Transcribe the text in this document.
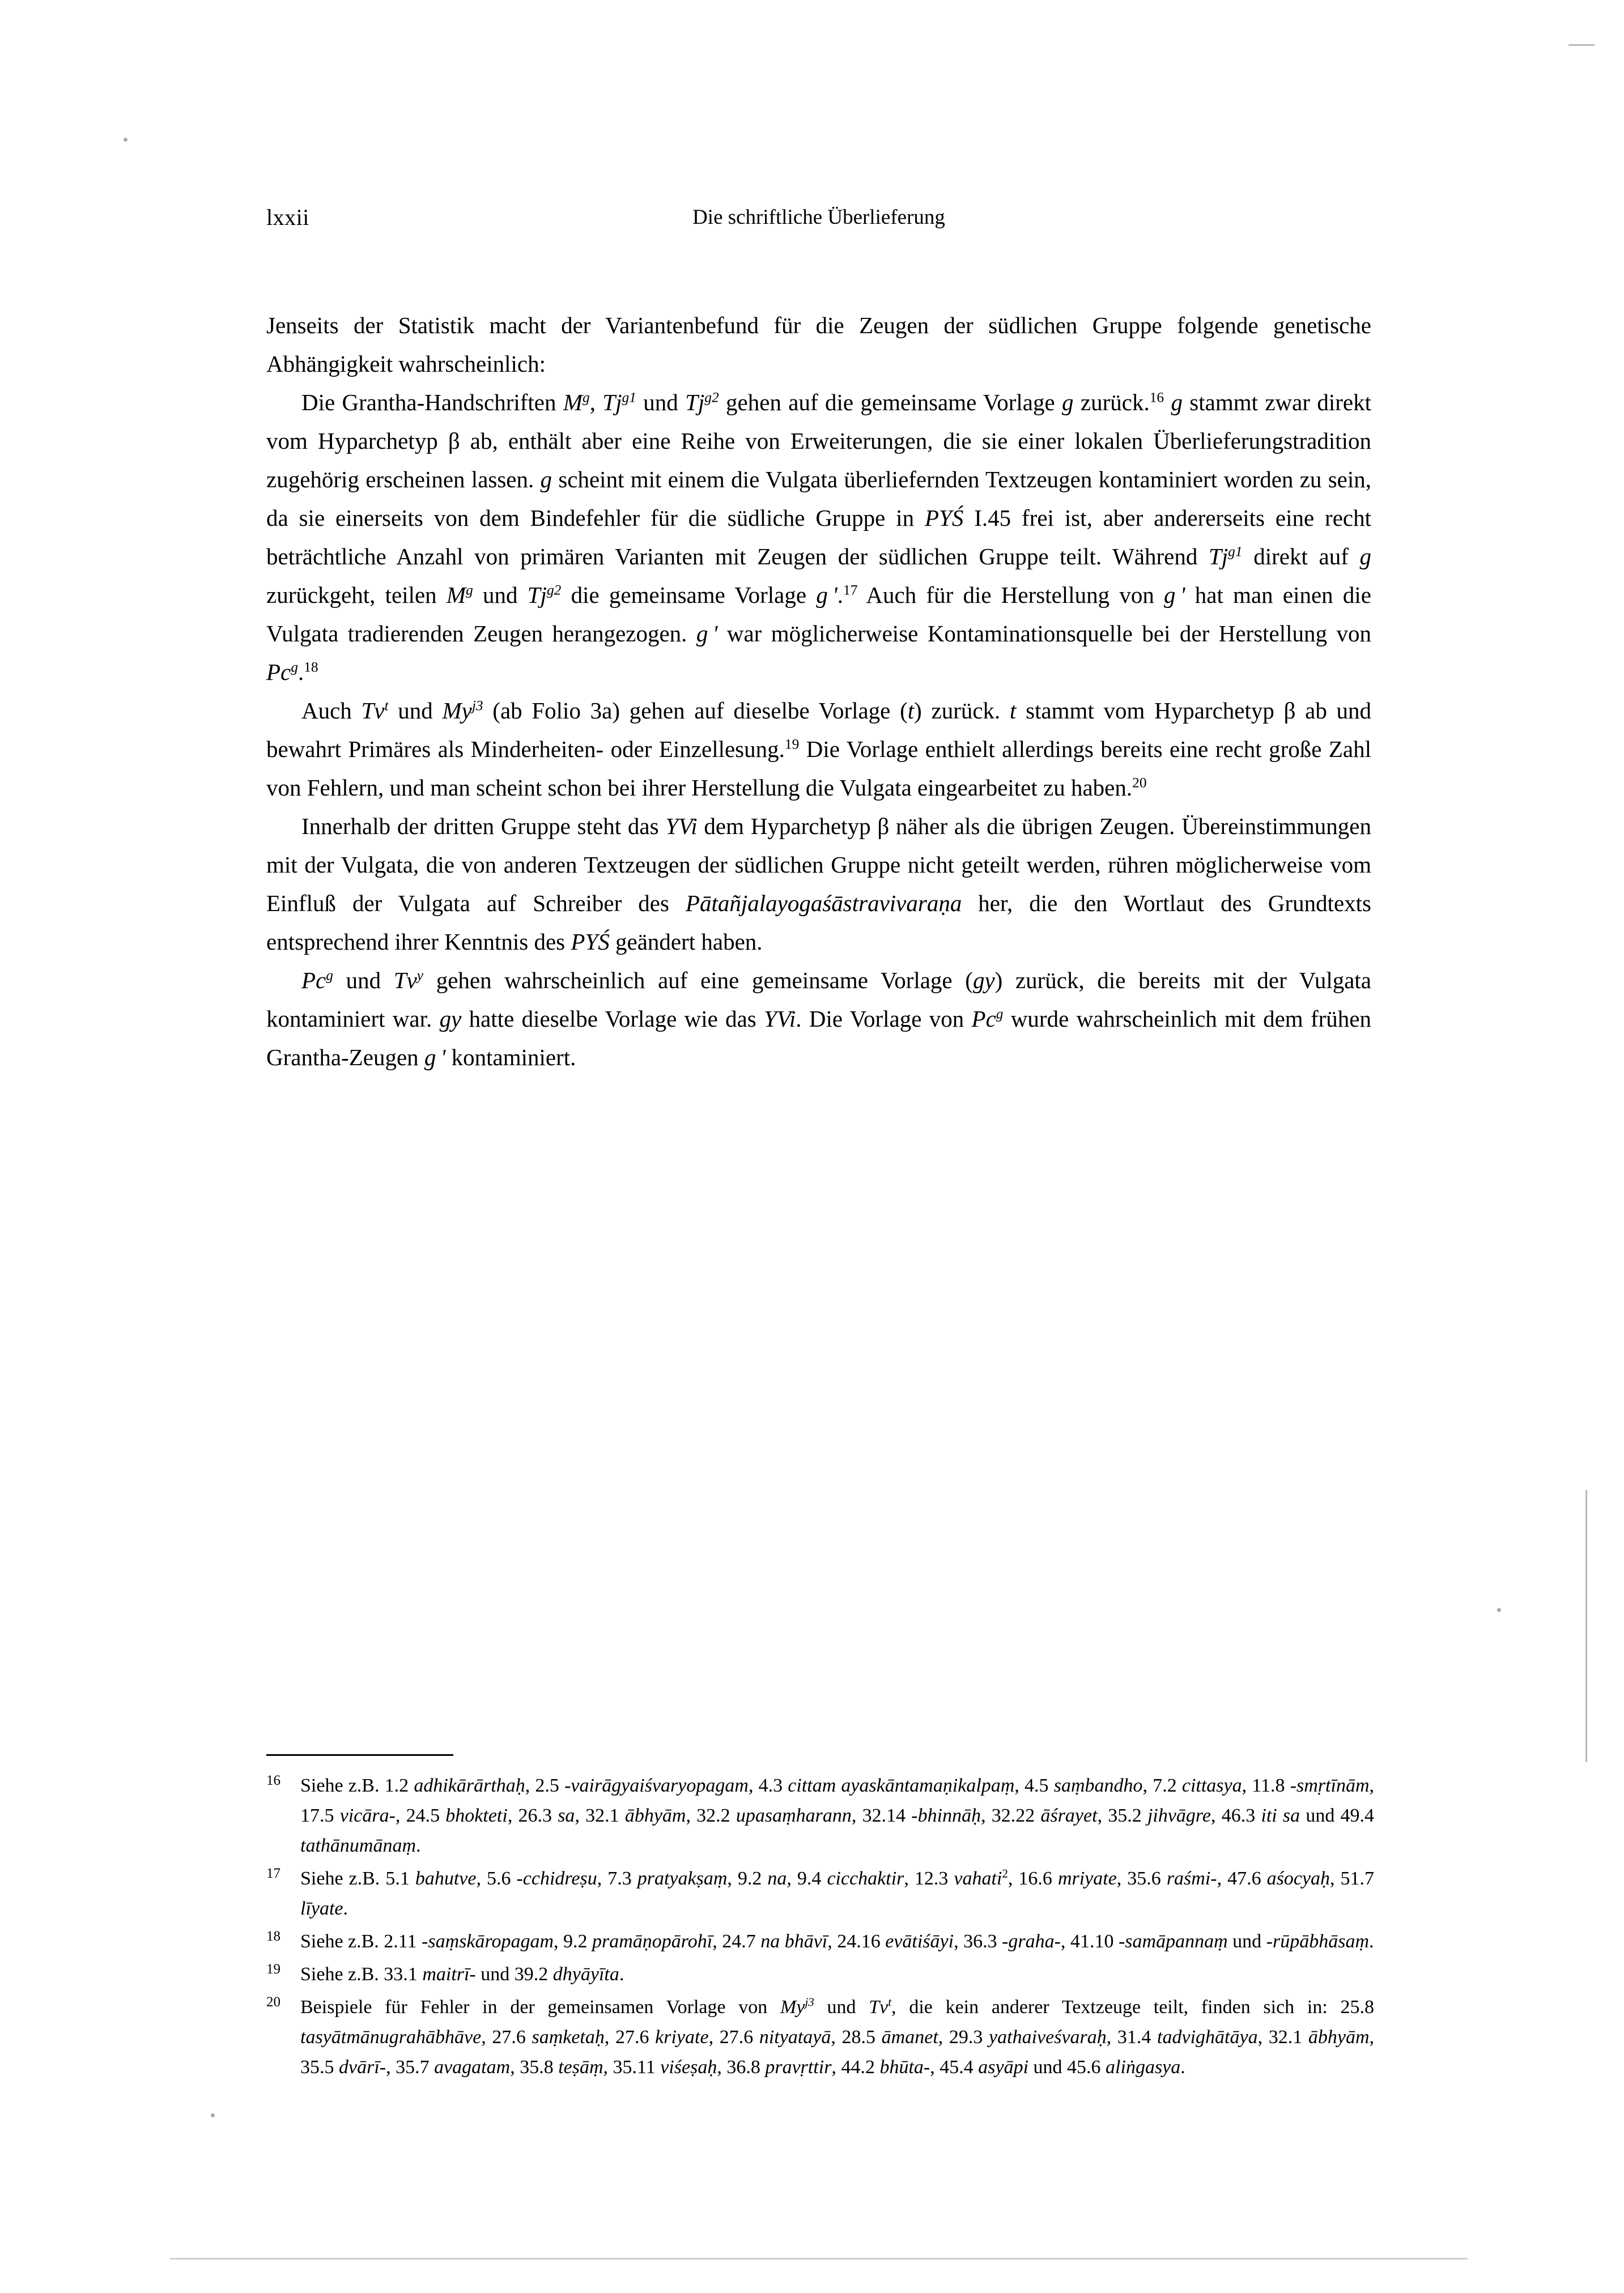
lxxii	Die schriftliche Überlieferung

Jenseits der Statistik macht der Variantenbefund für die Zeugen der südlichen Gruppe folgende genetische Abhängigkeit wahrscheinlich:

Die Grantha-Handschriften $M^g$, $Tj^{g1}$ und $Tj^{g2}$ gehen auf die gemeinsame Vorlage g zurück.$^{16}$ g stammt zwar direkt vom Hyparchetyp β ab, enthält aber eine Reihe von Erweiterungen, die sie einer lokalen Überlieferungstradition zugehörig erscheinen lassen. g scheint mit einem die Vulgata überliefernden Textzeugen kontaminiert worden zu sein, da sie einerseits von dem Bindefehler für die südliche Gruppe in PYŚ I.45 frei ist, aber andererseits eine recht beträchtliche Anzahl von primären Varianten mit Zeugen der südlichen Gruppe teilt. Während $Tj^{g1}$ direkt auf g zurückgeht, teilen $M^g$ und $Tj^{g2}$ die gemeinsame Vorlage g '.$^{17}$ Auch für die Herstellung von g ' hat man einen die Vulgata tradierenden Zeugen herangezogen. g ' war möglicherweise Kontaminationsquelle bei der Herstellung von Pc$^g$.$^{18}$

Auch Tv$^t$ und $My^{j3}$ (ab Folio 3a) gehen auf dieselbe Vorlage (t) zurück. t stammt vom Hyparchetyp β ab und bewahrt Primäres als Minderheiten- oder Einzellesung.$^{19}$ Die Vorlage enthielt allerdings bereits eine recht große Zahl von Fehlern, und man scheint schon bei ihrer Herstellung die Vulgata eingearbeitet zu haben.$^{20}$

Innerhalb der dritten Gruppe steht das YVi dem Hyparchetyp β näher als die übrigen Zeugen. Übereinstimmungen mit der Vulgata, die von anderen Textzeugen der südlichen Gruppe nicht geteilt werden, rühren möglicherweise vom Einfluß der Vulgata auf Schreiber des Pātañjalayogaśāstravivaraṇa her, die den Wortlaut des Grundtexts entsprechend ihrer Kenntnis des PYŚ geändert haben.

Pc$^g$ und Tv$^y$ gehen wahrscheinlich auf eine gemeinsame Vorlage (gy) zurück, die bereits mit der Vulgata kontaminiert war. gy hatte dieselbe Vorlage wie das YVi. Die Vorlage von Pc$^g$ wurde wahrscheinlich mit dem frühen Grantha-Zeugen g ' kontaminiert.

16 Siehe z.B. 1.2 adhikārārthaḥ, 2.5 -vairāgyaiśvaryopagam, 4.3 cittam ayaskāntamaṇikalpaṃ, 4.5 saṃbandho, 7.2 cittasya, 11.8 -smṛtīnām, 17.5 vicāra-, 24.5 bhokteti, 26.3 sa, 32.1 ābhyām, 32.2 upasaṃharann, 32.14 -bhinnāḥ, 32.22 āśrayet, 35.2 jihvāgre, 46.3 iti sa und 49.4 tathānumānaṃ.
17 Siehe z.B. 5.1 bahutve, 5.6 -cchidreṣu, 7.3 pratyakṣaṃ, 9.2 na, 9.4 cicchaktir, 12.3 vahati$^2$, 16.6 mriyate, 35.6 raśmi-, 47.6 aśocyaḥ, 51.7 līyate.
18 Siehe z.B. 2.11 -saṃskāropagam, 9.2 pramāṇopārohī, 24.7 na bhāvī, 24.16 evātiśāyi, 36.3 -graha-, 41.10 -samāpannaṃ und -rūpābhāsaṃ.
19 Siehe z.B. 33.1 maitrī- und 39.2 dhyāyīta.
20 Beispiele für Fehler in der gemeinsamen Vorlage von $My^{j3}$ und Tv$^t$, die kein anderer Textzeuge teilt, finden sich in: 25.8 tasyātmānugrahābhāve, 27.6 saṃketaḥ, 27.6 kriyate, 27.6 nityatayā, 28.5 āmanet, 29.3 yathaiveśvaraḥ, 31.4 tadvighātāya, 32.1 ābhyām, 35.5 dvārī-, 35.7 avagatam, 35.8 teṣāṃ, 35.11 viśeṣaḥ, 36.8 pravṛttir, 44.2 bhūta-, 45.4 asyāpi und 45.6 aliṅgasya.
